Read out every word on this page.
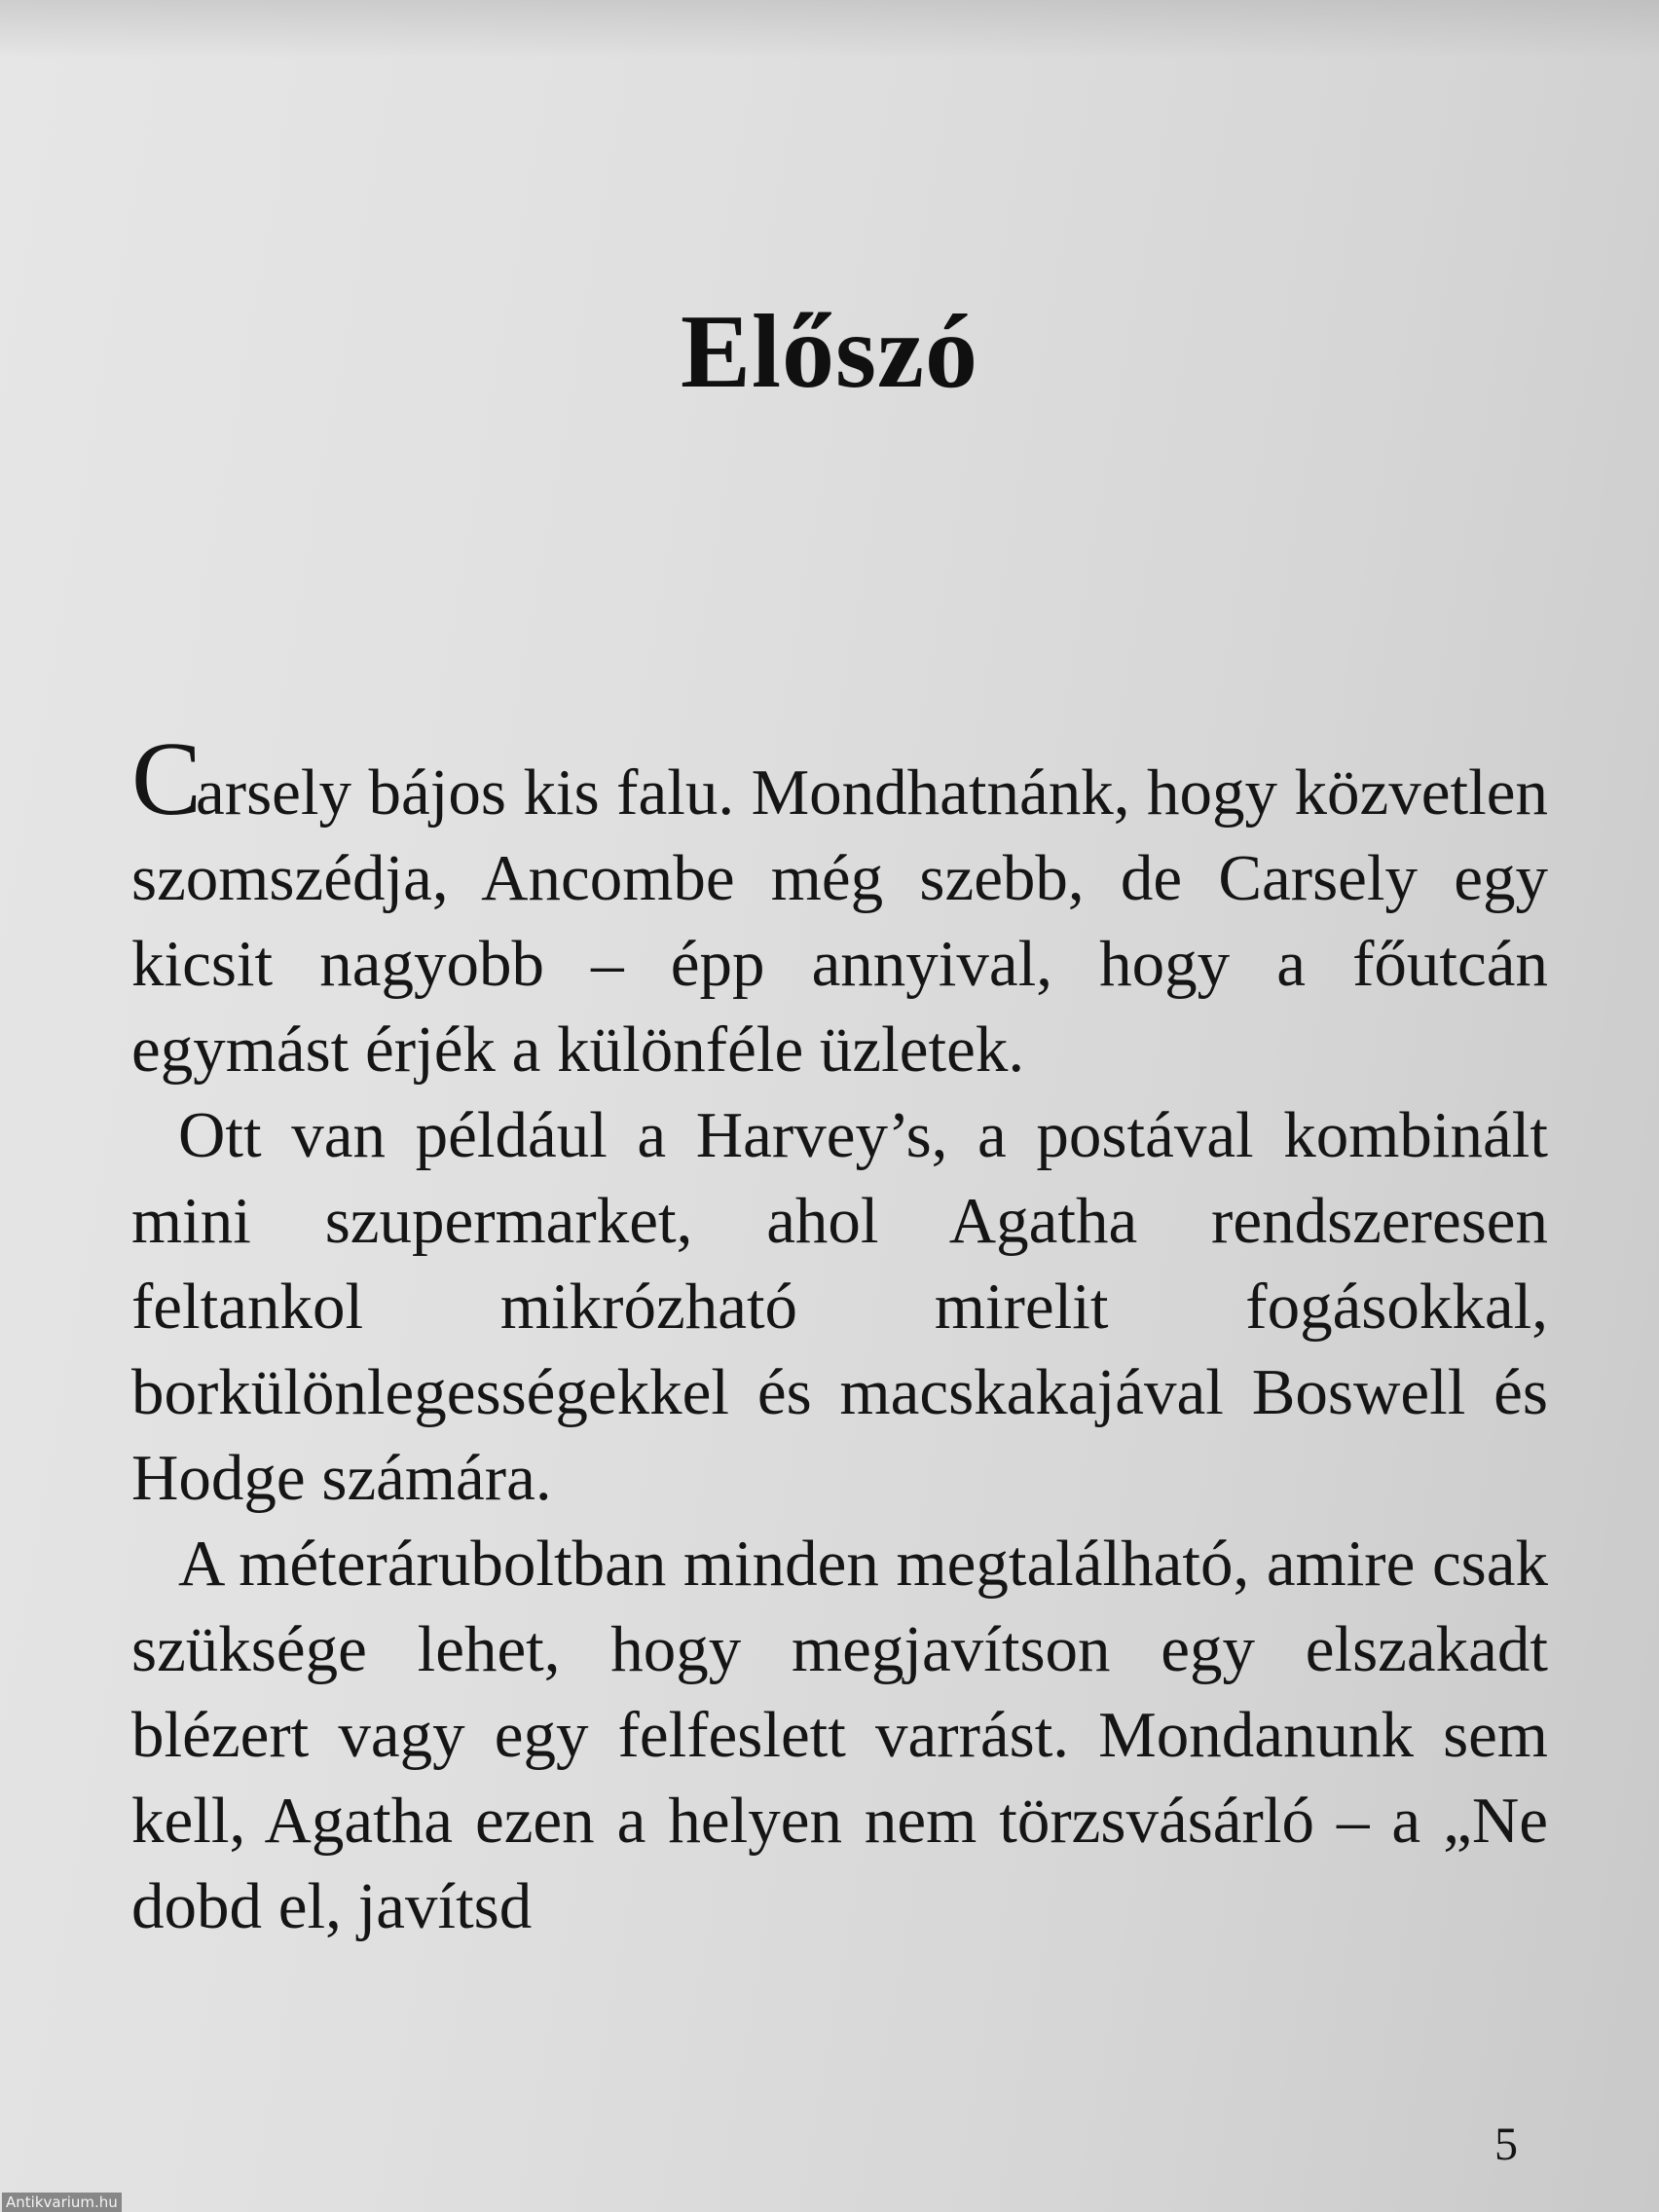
Előszó

Carsely bájos kis falu. Mondhatnánk, hogy közvetlen szomszédja, Ancombe még szebb, de Carsely egy kicsit nagyobb – épp annyival, hogy a főutcán egymást érjék a különféle üzletek.

Ott van például a Harvey’s, a postával kombinált mini szupermarket, ahol Agatha rendszeresen feltankol mikrózható mirelit fogásokkal, borkülönlegességekkel és macskakajával Boswell és Hodge számára.

A méteráruboltban minden megtalálható, amire csak szüksége lehet, hogy megjavítson egy elszakadt blézert vagy egy felfeslett varrást. Mondanunk sem kell, Agatha ezen a helyen nem törzsvásárló – a „Ne dobd el, javítsd

5
Antikvarium.hu
